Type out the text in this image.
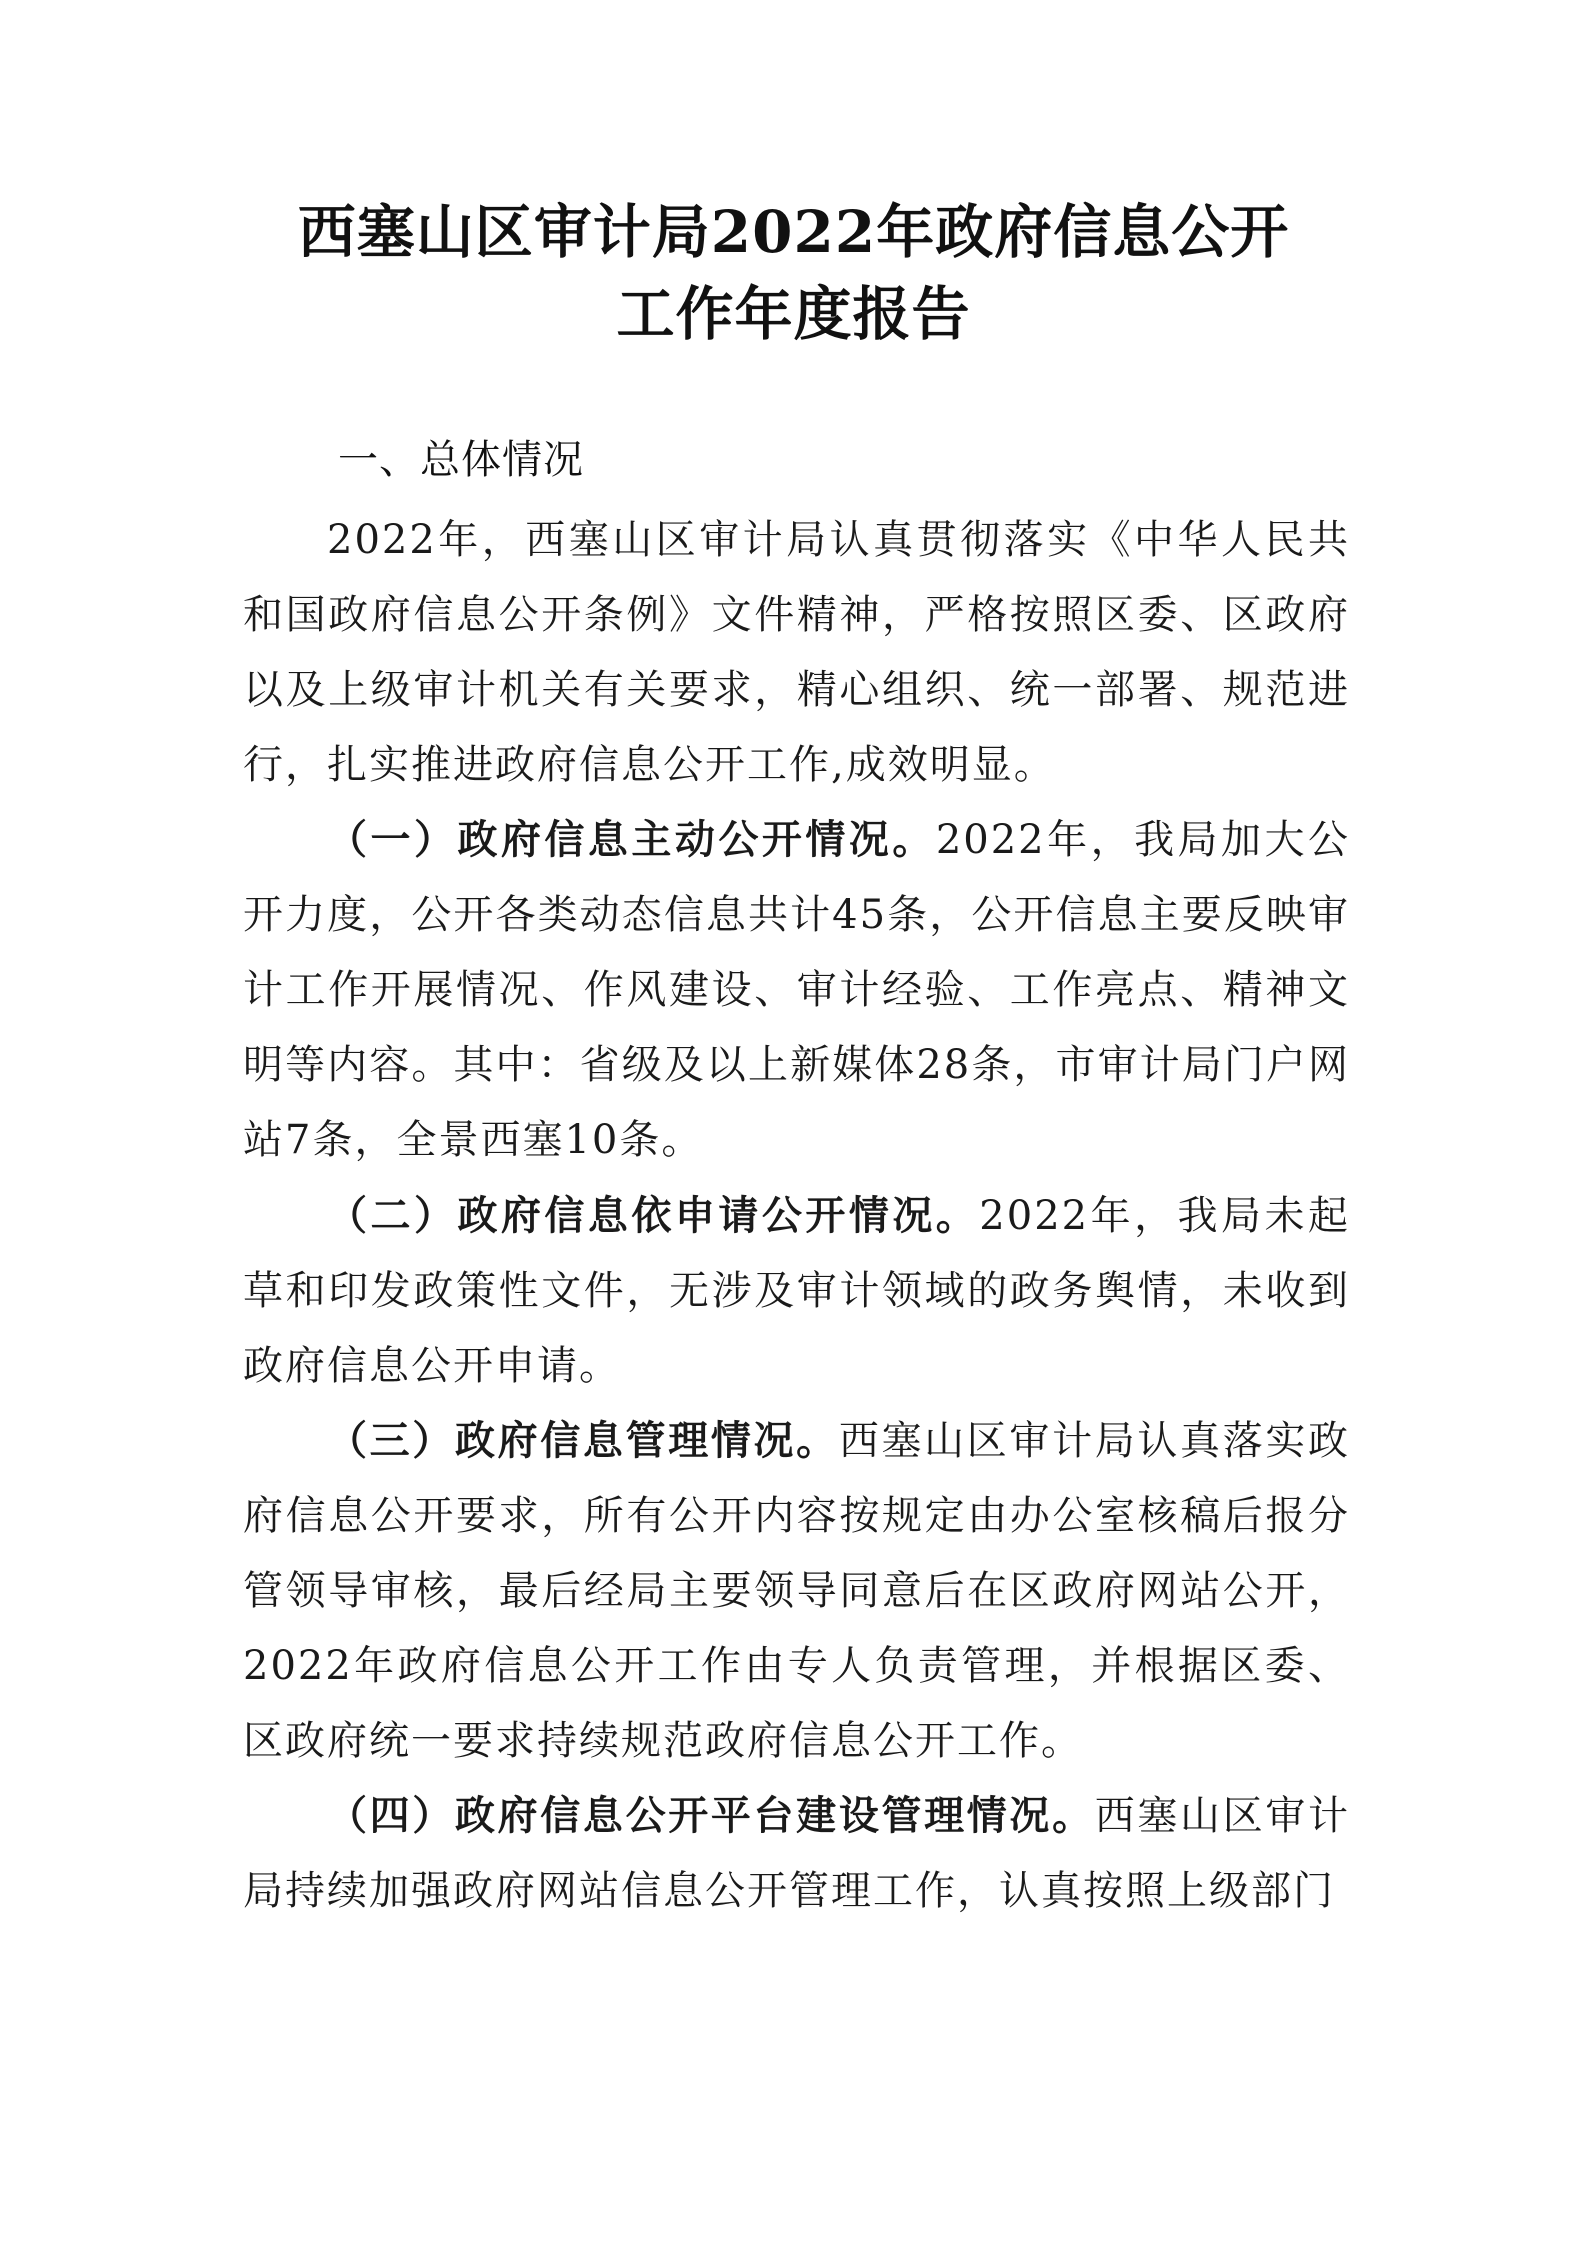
西塞山区审计局2022年政府信息公开
工作年度报告
一、总体情况

2022年，西塞山区审计局认真贯彻落实《中华人民共和国政府信息公开条例》文件精神，严格按照区委、区政府以及上级审计机关有关要求，精心组织、统一部署、规范进行，扎实推进政府信息公开工作,成效明显。

（一）政府信息主动公开情况。2022年，我局加大公开力度，公开各类动态信息共计45条，公开信息主要反映审计工作开展情况、作风建设、审计经验、工作亮点、精神文明等内容。其中：省级及以上新媒体28条，市审计局门户网站7条，全景西塞10条。

（二）政府信息依申请公开情况。2022年，我局未起草和印发政策性文件，无涉及审计领域的政务舆情，未收到政府信息公开申请。

（三）政府信息管理情况。西塞山区审计局认真落实政府信息公开要求，所有公开内容按规定由办公室核稿后报分管领导审核，最后经局主要领导同意后在区政府网站公开，2022年政府信息公开工作由专人负责管理，并根据区委、区政府统一要求持续规范政府信息公开工作。

（四）政府信息公开平台建设管理情况。西塞山区审计局持续加强政府网站信息公开管理工作，认真按照上级部门
